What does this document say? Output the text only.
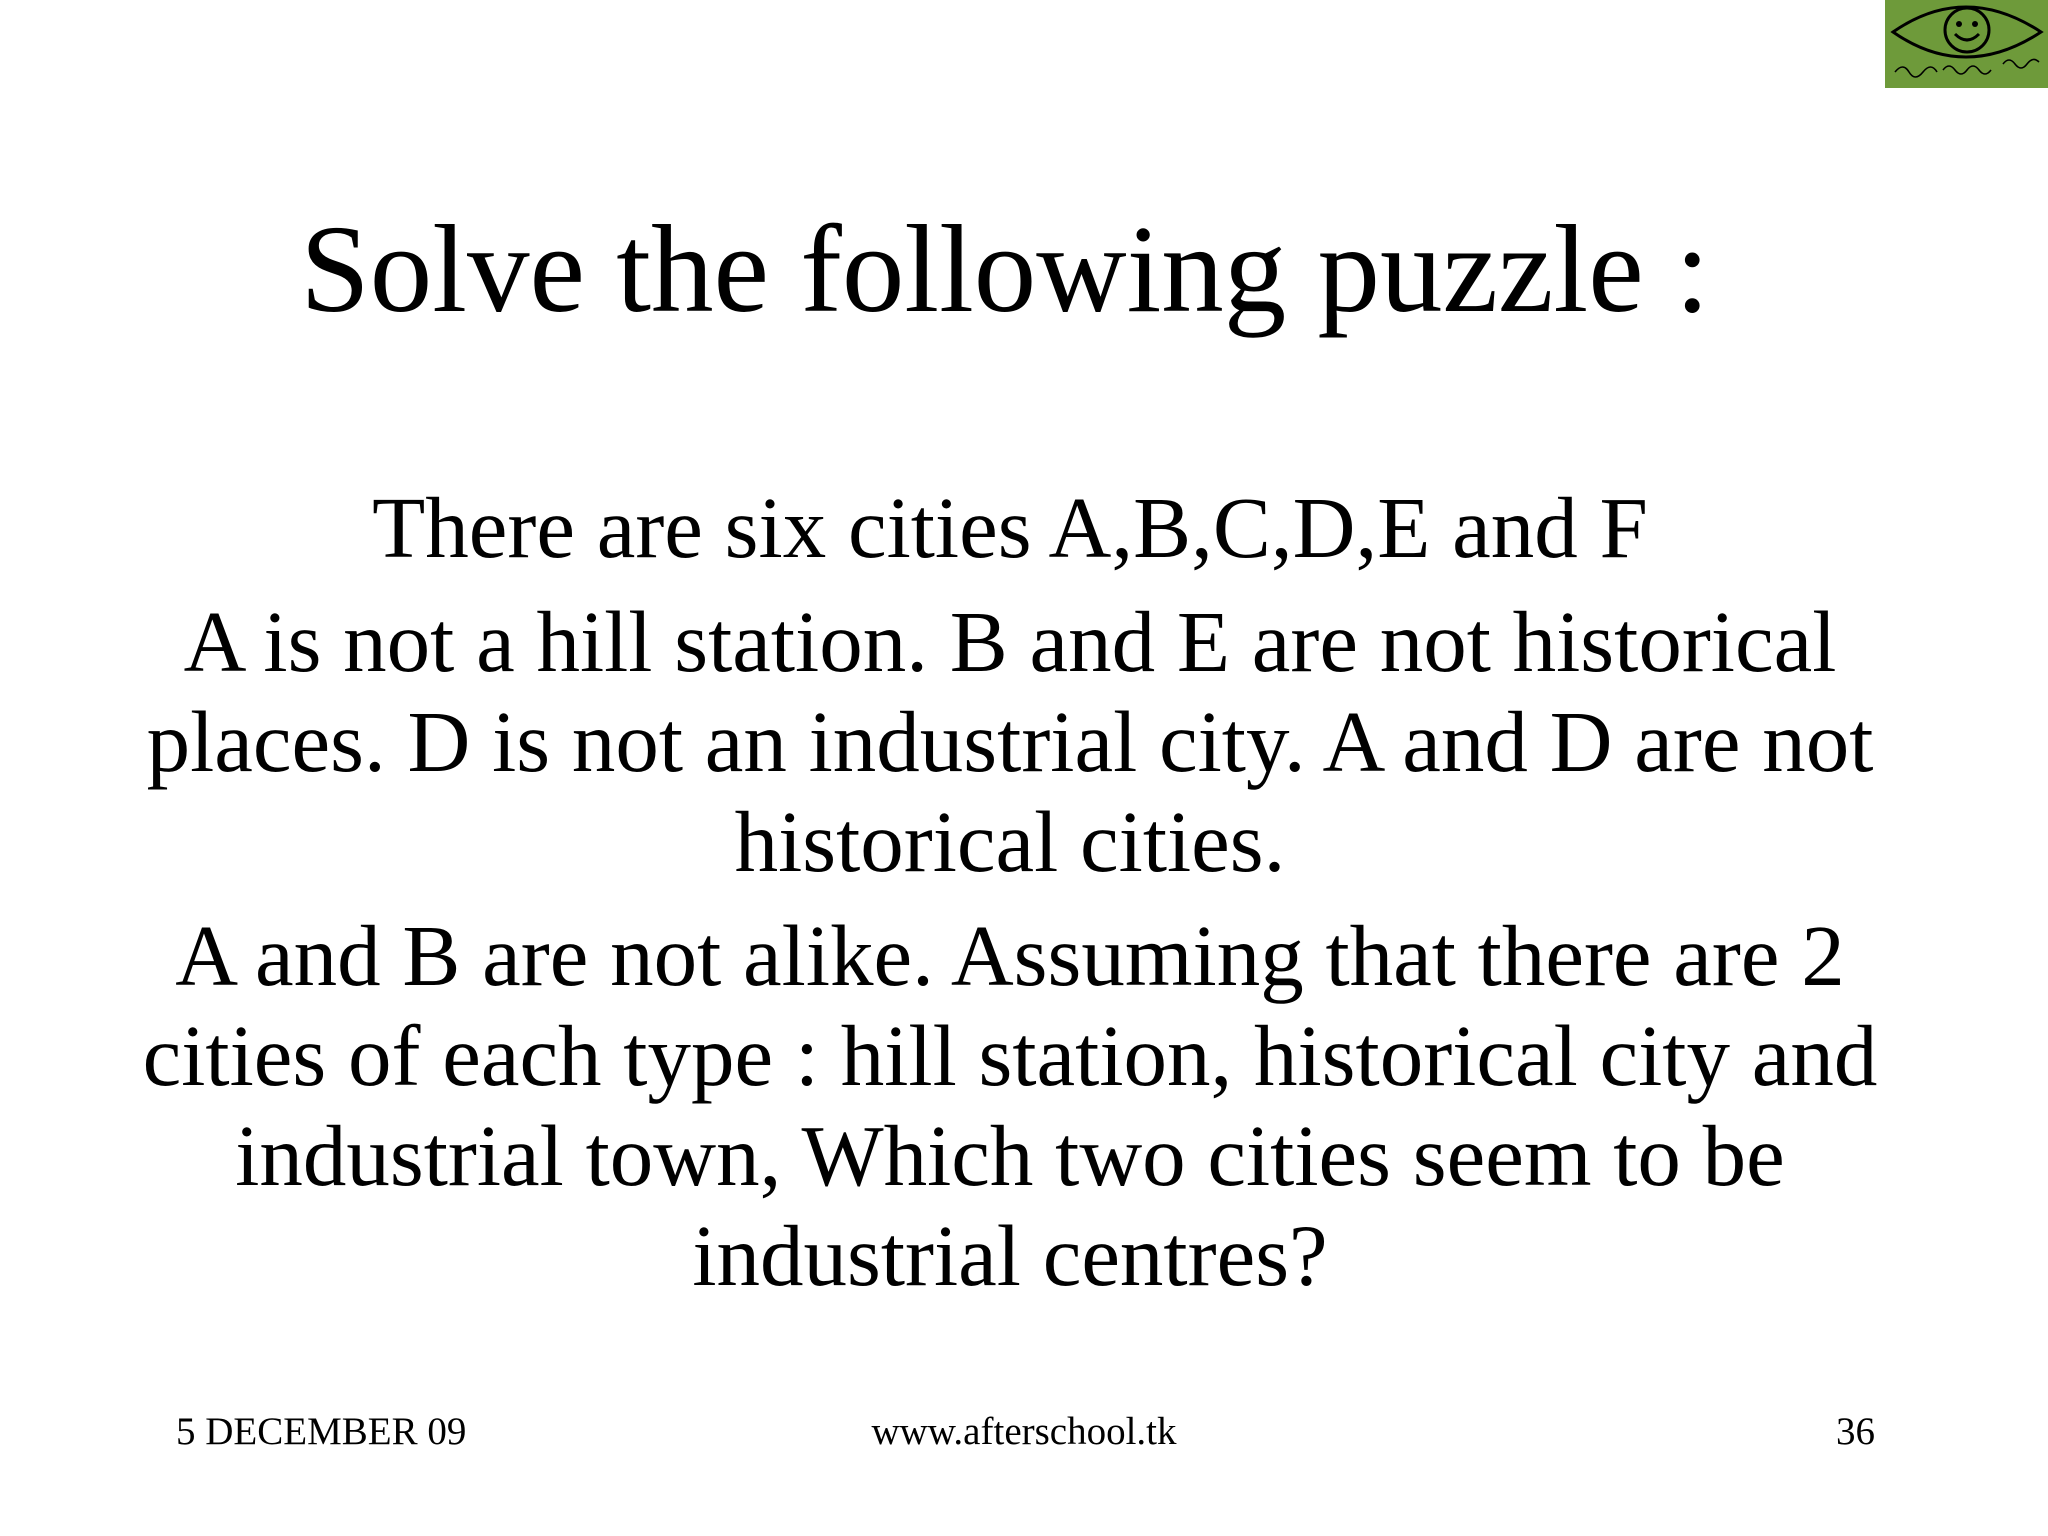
Solve the following puzzle :

There are six cities A,B,C,D,E and F

A is not a hill station. B and E are not historical places. D is not an industrial city. A and D are not historical cities.

A and B are not alike. Assuming that there are 2 cities of each type : hill station, historical city and industrial town, Which two cities seem to be industrial centres?

5 DECEMBER 09	www.afterschool.tk	36
